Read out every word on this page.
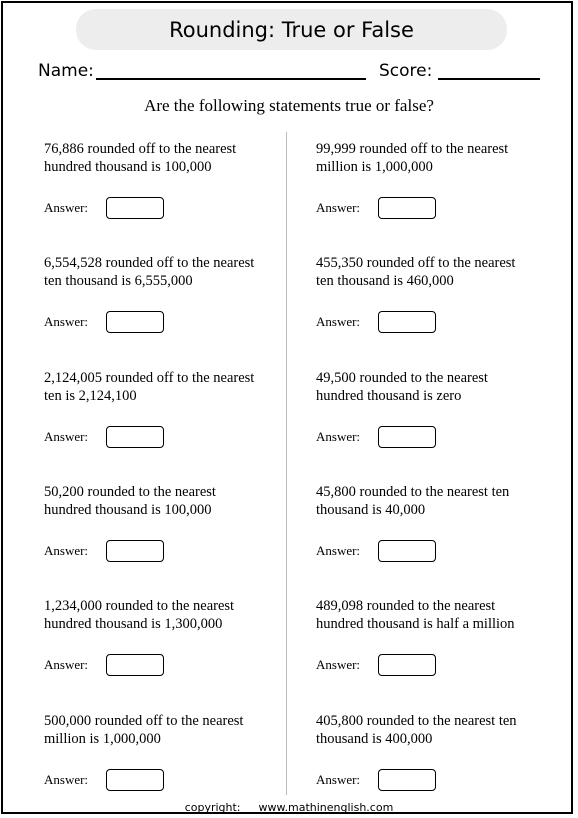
Rounding: True or False
Name:	Score:
Are the following statements true or false?

76,886 rounded off to the nearest
hundred thousand is 100,000

Answer:

99,999 rounded off to the nearest
million is 1,000,000

Answer:

6,554,528 rounded off to the nearest
ten thousand is 6,555,000

Answer:

455,350 rounded off to the nearest
ten thousand is 460,000

Answer:

2,124,005 rounded off to the nearest
ten is 2,124,100

Answer:

49,500 rounded to the nearest
hundred thousand is zero

Answer:

50,200 rounded to the nearest
hundred thousand is 100,000

Answer:

45,800 rounded to the nearest ten
thousand is 40,000

Answer:

1,234,000 rounded to the nearest
hundred thousand is 1,300,000

Answer:

489,098 rounded to the nearest
hundred thousand is half a million

Answer:

500,000 rounded off to the nearest
million is 1,000,000

Answer:

405,800 rounded to the nearest ten
thousand is 400,000

Answer:
copyright: www.mathinenglish.com
